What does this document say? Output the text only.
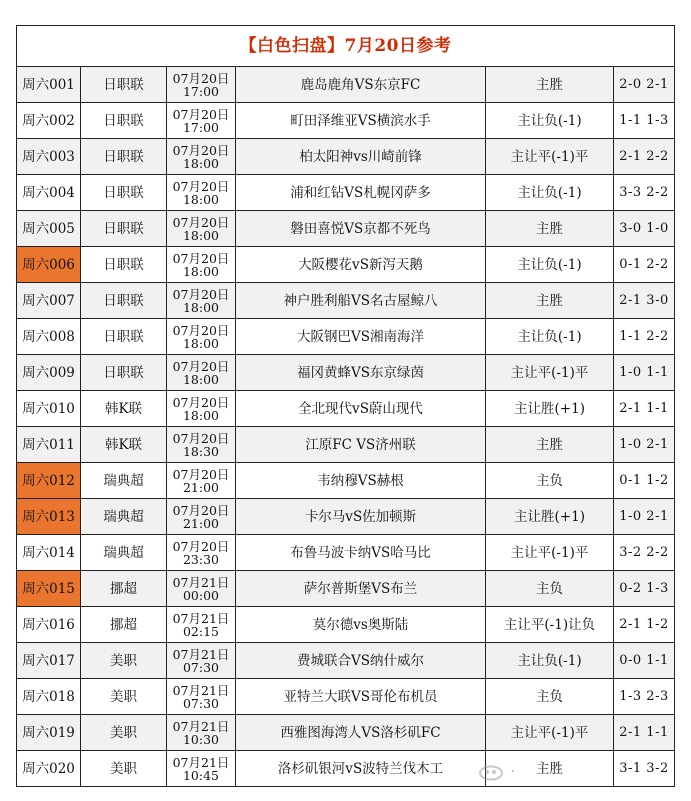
【白色扫盘】7月20日参考					
周六001	日职联	07月20日
17:00	鹿岛鹿角VS东京FC	主胜	2-0 2-1
周六002	日职联	07月20日
17:00	町田泽维亚VS横滨水手	主让负(-1)	1-1 1-3
周六003	日职联	07月20日
18:00	柏太阳神vs川崎前锋	主让平(-1)平	2-1 2-2
周六004	日职联	07月20日
18:00	浦和红钻VS札幌冈萨多	主让负(-1)	3-3 2-2
周六005	日职联	07月20日
18:00	磐田喜悦VS京都不死鸟	主胜	3-0 1-0
周六006	日职联	07月20日
18:00	大阪樱花vS新泻天鹅	主让负(-1)	0-1 2-2
周六007	日职联	07月20日
18:00	神户胜利船VS名古屋鲸八	主胜	2-1 3-0
周六008	日职联	07月20日
18:00	大阪钢巴VS湘南海洋	主让负(-1)	1-1 2-2
周六009	日职联	07月20日
18:00	福冈黄蜂VS东京绿茵	主让平(-1)平	1-0 1-1
周六010	韩K联	07月20日
18:00	全北现代vS蔚山现代	主让胜(+1)	2-1 1-1
周六011	韩K联	07月20日
18:30	江原FC VS济州联	主胜	1-0 2-1
周六012	瑞典超	07月20日
21:00	韦纳穆VS赫根	主负	0-1 1-2
周六013	瑞典超	07月20日
21:00	卡尔马vS佐加顿斯	主让胜(+1)	1-0 2-1
周六014	瑞典超	07月20日
23:30	布鲁马波卡纳VS哈马比	主让平(-1)平	3-2 2-2
周六015	挪超	07月21日
00:00	萨尔普斯堡VS布兰	主负	0-2 1-3
周六016	挪超	07月21日
02:15	莫尔德vs奥斯陆	主让平(-1)让负	2-1 1-2
周六017	美职	07月21日
07:30	费城联合VS纳什威尔	主让负(-1)	0-0 1-1
周六018	美职	07月21日
07:30	亚特兰大联VS哥伦布机员	主负	1-3 2-3
周六019	美职	07月21日
10:30	西雅图海湾人VS洛杉矶FC	主让平(-1)平	2-1 1-1
周六020	美职	07月21日
10:45	洛杉矶银河vS波特兰伐木工	主胜	3-1 3-2
·
